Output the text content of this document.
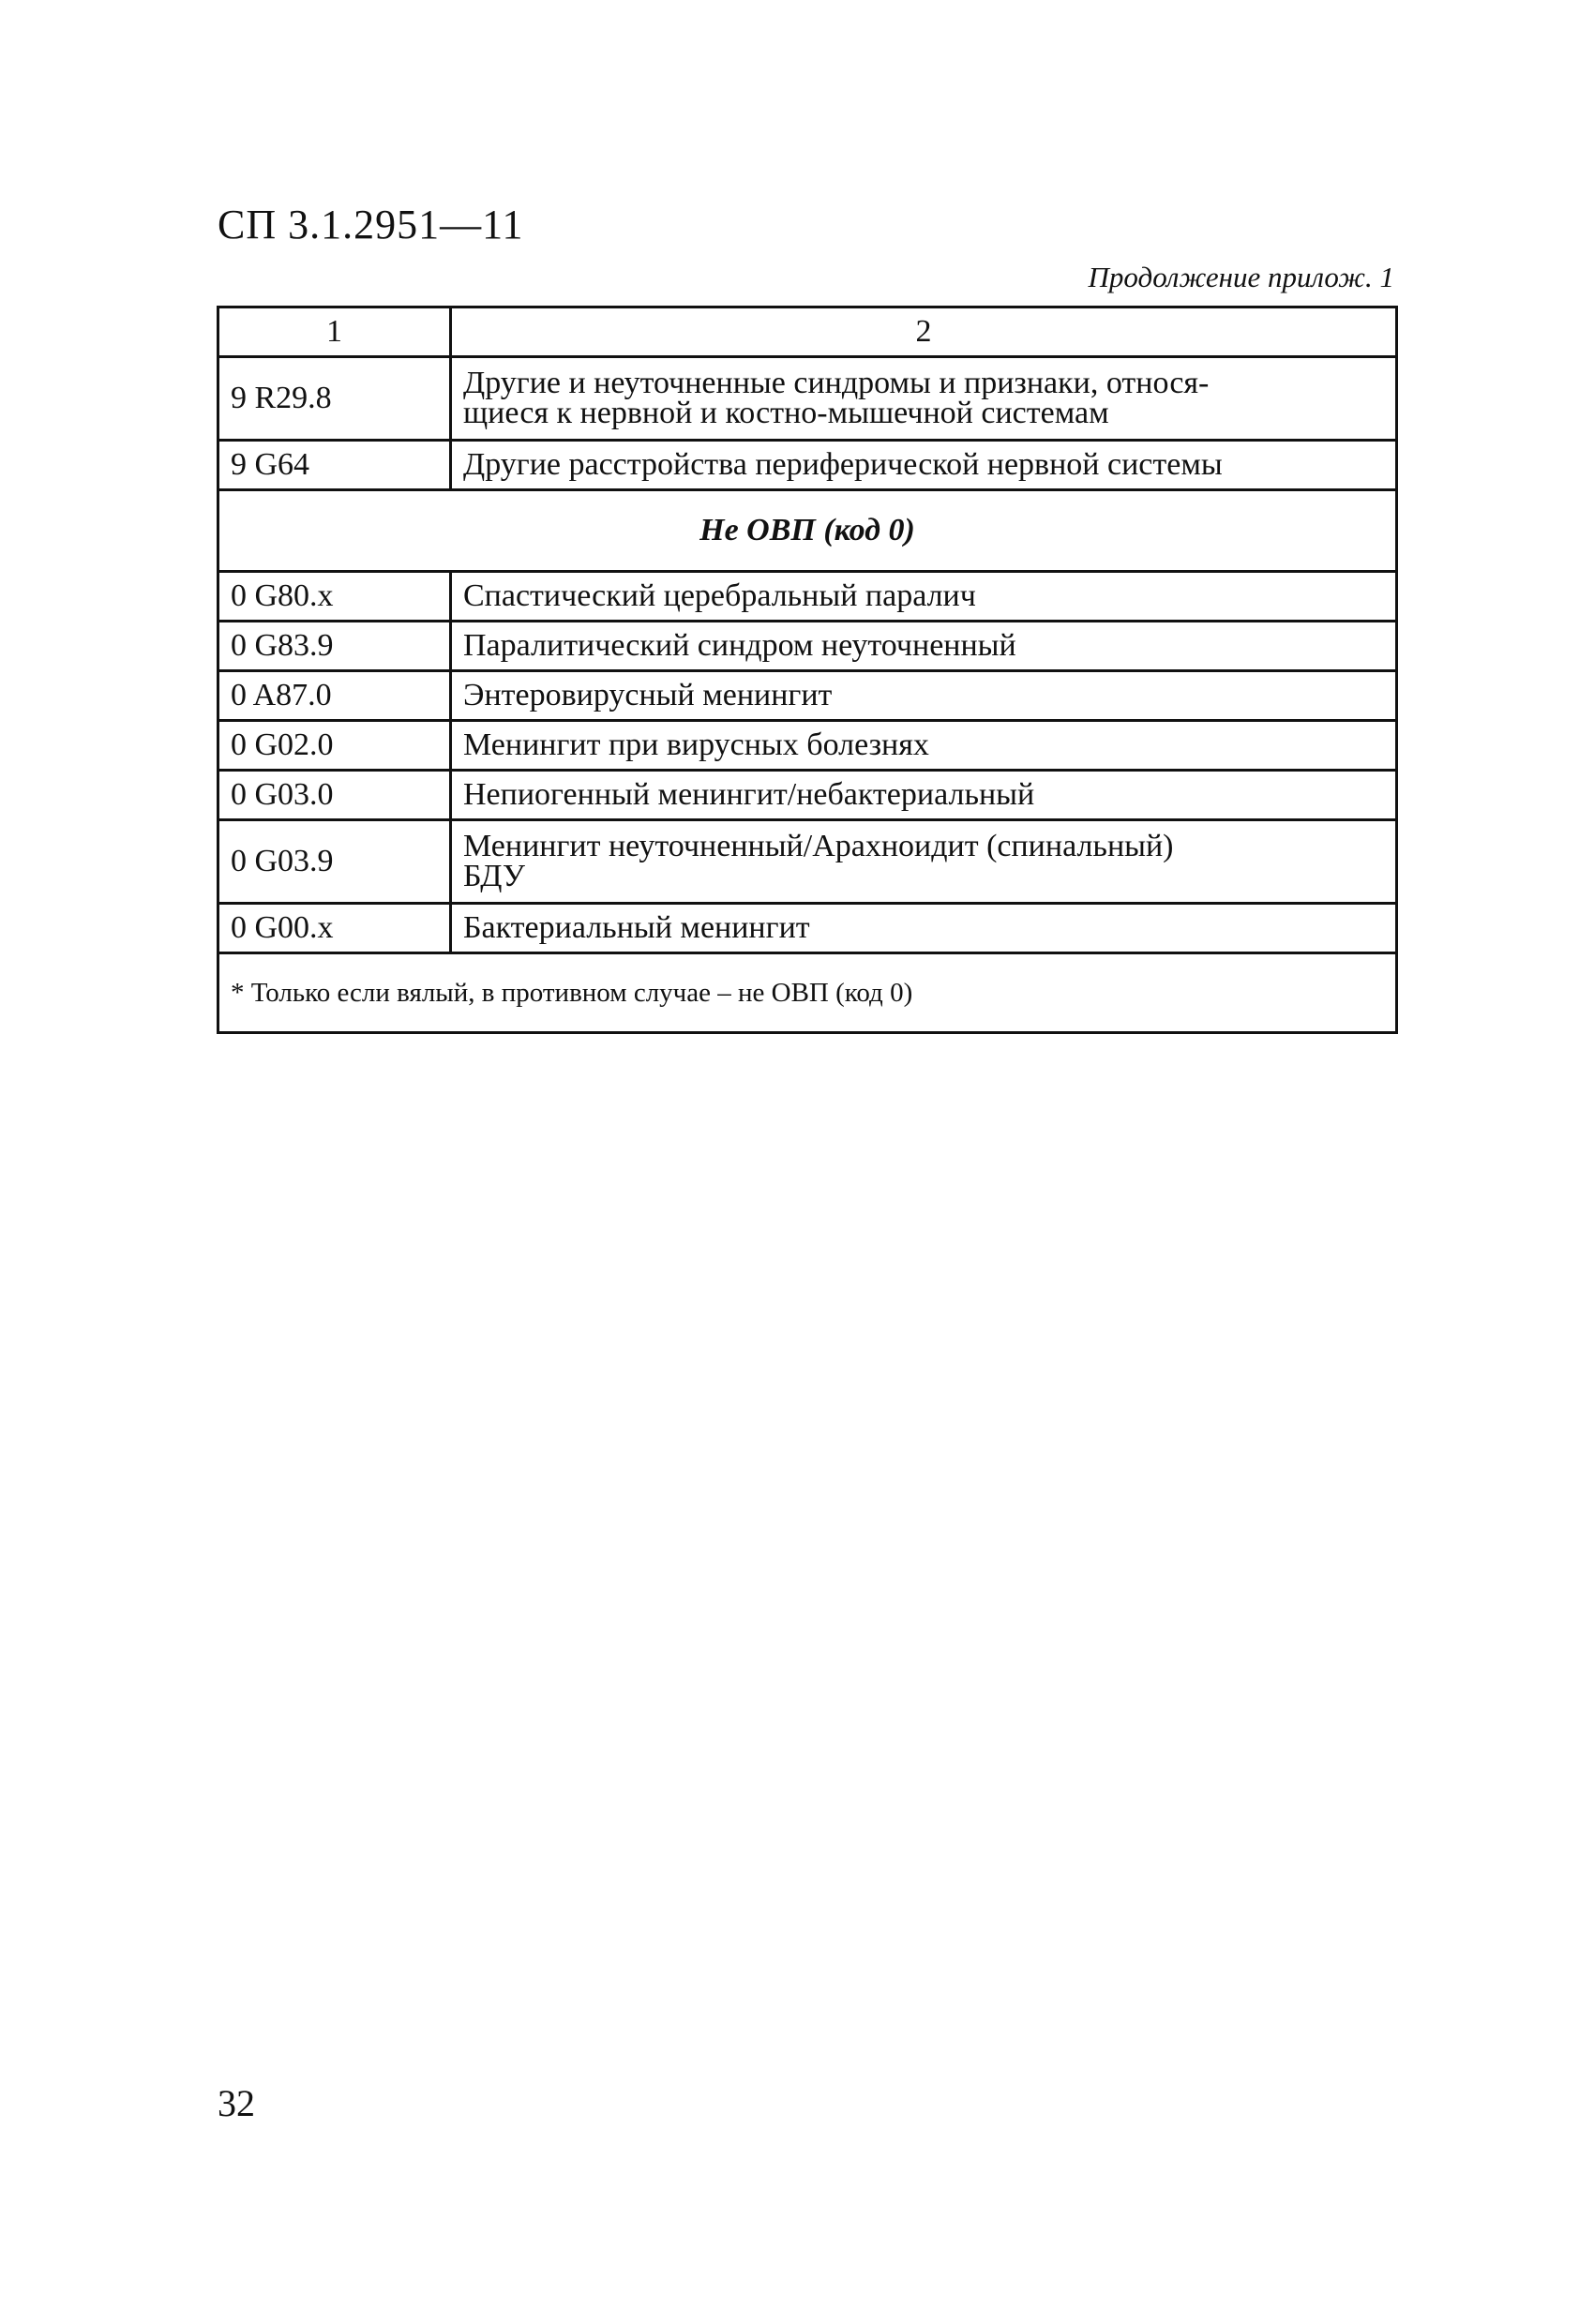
СП 3.1.2951—11
Продолжение прилож. 1
1	2
9 R29.8	Другие и неуточненные синдромы и признаки, относя-
щиеся к нервной и костно-мышечной системам

9 G64	Другие расстройства периферической нервной системы
Не ОВП (код 0)	
0 G80.x	Спастический церебральный паралич
0 G83.9	Паралитический синдром неуточненный
0 A87.0	Энтеровирусный менингит
0 G02.0	Менингит при вирусных болезнях
0 G03.0	Непиогенный менингит/небактериальный
0 G03.9	Менингит неуточненный/Арахноидит (спинальный)
БДУ

0 G00.x	Бактериальный менингит
* Только если вялый, в противном случае – не ОВП (код 0)	
32
